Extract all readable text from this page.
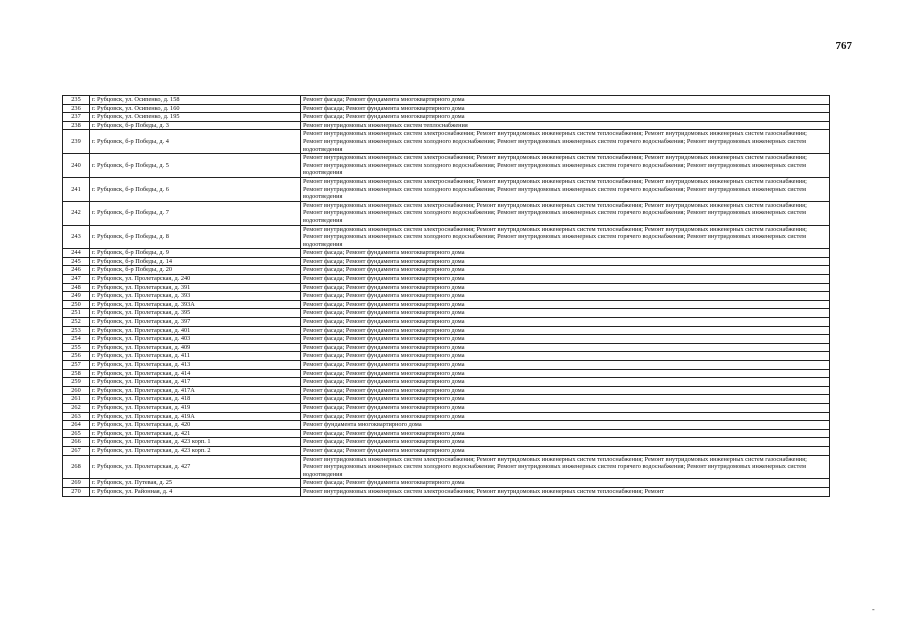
767
235	г. Рубцовск, ул. Осипенко, д. 158	Ремонт фасада; Ремонт фундамента многоквартирного дома
236	г. Рубцовск, ул. Осипенко, д. 160	Ремонт фасада; Ремонт фундамента многоквартирного дома
237	г. Рубцовск, ул. Осипенко, д. 195	Ремонт фасада; Ремонт фундамента многоквартирного дома
238	г. Рубцовск, б-р Победы, д. 3	Ремонт внутридомовых инженерных систем теплоснабжения
239	г. Рубцовск, б-р Победы, д. 4	Ремонт внутридомовых инженерных систем электроснабжения; Ремонт внутридомовых инженерных систем теплоснабжения; Ремонт внутридомовых инженерных систем газоснабжения; Ремонт внутридомовых инженерных систем холодного водоснабжения; Ремонт внутридомовых инженерных систем горячего водоснабжения; Ремонт внутридомовых инженерных систем водоотведения
240	г. Рубцовск, б-р Победы, д. 5	Ремонт внутридомовых инженерных систем электроснабжения; Ремонт внутридомовых инженерных систем теплоснабжения; Ремонт внутридомовых инженерных систем газоснабжения; Ремонт внутридомовых инженерных систем холодного водоснабжения; Ремонт внутридомовых инженерных систем горячего водоснабжения; Ремонт внутридомовых инженерных систем водоотведения
241	г. Рубцовск, б-р Победы, д. 6	Ремонт внутридомовых инженерных систем электроснабжения; Ремонт внутридомовых инженерных систем теплоснабжения; Ремонт внутридомовых инженерных систем газоснабжения; Ремонт внутридомовых инженерных систем холодного водоснабжения; Ремонт внутридомовых инженерных систем горячего водоснабжения; Ремонт внутридомовых инженерных систем водоотведения
242	г. Рубцовск, б-р Победы, д. 7	Ремонт внутридомовых инженерных систем электроснабжения; Ремонт внутридомовых инженерных систем теплоснабжения; Ремонт внутридомовых инженерных систем газоснабжения; Ремонт внутридомовых инженерных систем холодного водоснабжения; Ремонт внутридомовых инженерных систем горячего водоснабжения; Ремонт внутридомовых инженерных систем водоотведения
243	г. Рубцовск, б-р Победы, д. 8	Ремонт внутридомовых инженерных систем электроснабжения; Ремонт внутридомовых инженерных систем теплоснабжения; Ремонт внутридомовых инженерных систем газоснабжения; Ремонт внутридомовых инженерных систем холодного водоснабжения; Ремонт внутридомовых инженерных систем горячего водоснабжения; Ремонт внутридомовых инженерных систем водоотведения
244	г. Рубцовск, б-р Победы, д. 9	Ремонт фасада; Ремонт фундамента многоквартирного дома
245	г. Рубцовск, б-р Победы, д. 14	Ремонт фасада; Ремонт фундамента многоквартирного дома
246	г. Рубцовск, б-р Победы, д. 20	Ремонт фасада; Ремонт фундамента многоквартирного дома
247	г. Рубцовск, ул. Пролетарская, д. 240	Ремонт фасада; Ремонт фундамента многоквартирного дома
248	г. Рубцовск, ул. Пролетарская, д. 391	Ремонт фасада; Ремонт фундамента многоквартирного дома
249	г. Рубцовск, ул. Пролетарская, д. 393	Ремонт фасада; Ремонт фундамента многоквартирного дома
250	г. Рубцовск, ул. Пролетарская, д. 393А	Ремонт фасада; Ремонт фундамента многоквартирного дома
251	г. Рубцовск, ул. Пролетарская, д. 395	Ремонт фасада; Ремонт фундамента многоквартирного дома
252	г. Рубцовск, ул. Пролетарская, д. 397	Ремонт фасада; Ремонт фундамента многоквартирного дома
253	г. Рубцовск, ул. Пролетарская, д. 401	Ремонт фасада; Ремонт фундамента многоквартирного дома
254	г. Рубцовск, ул. Пролетарская, д. 403	Ремонт фасада; Ремонт фундамента многоквартирного дома
255	г. Рубцовск, ул. Пролетарская, д. 409	Ремонт фасада; Ремонт фундамента многоквартирного дома
256	г. Рубцовск, ул. Пролетарская, д. 411	Ремонт фасада; Ремонт фундамента многоквартирного дома
257	г. Рубцовск, ул. Пролетарская, д. 413	Ремонт фасада; Ремонт фундамента многоквартирного дома
258	г. Рубцовск, ул. Пролетарская, д. 414	Ремонт фасада; Ремонт фундамента многоквартирного дома
259	г. Рубцовск, ул. Пролетарская, д. 417	Ремонт фасада; Ремонт фундамента многоквартирного дома
260	г. Рубцовск, ул. Пролетарская, д. 417А	Ремонт фасада; Ремонт фундамента многоквартирного дома
261	г. Рубцовск, ул. Пролетарская, д. 418	Ремонт фасада; Ремонт фундамента многоквартирного дома
262	г. Рубцовск, ул. Пролетарская, д. 419	Ремонт фасада; Ремонт фундамента многоквартирного дома
263	г. Рубцовск, ул. Пролетарская, д. 419А	Ремонт фасада; Ремонт фундамента многоквартирного дома
264	г. Рубцовск, ул. Пролетарская, д. 420	Ремонт фундамента многоквартирного дома
265	г. Рубцовск, ул. Пролетарская, д. 421	Ремонт фасада; Ремонт фундамента многоквартирного дома
266	г. Рубцовск, ул. Пролетарская, д. 423 корп. 1	Ремонт фасада; Ремонт фундамента многоквартирного дома
267	г. Рубцовск, ул. Пролетарская, д. 423 корп. 2	Ремонт фасада; Ремонт фундамента многоквартирного дома
268	г. Рубцовск, ул. Пролетарская, д. 427	Ремонт внутридомовых инженерных систем электроснабжения; Ремонт внутридомовых инженерных систем теплоснабжения; Ремонт внутридомовых инженерных систем газоснабжения; Ремонт внутридомовых инженерных систем холодного водоснабжения; Ремонт внутридомовых инженерных систем горячего водоснабжения; Ремонт внутридомовых инженерных систем водоотведения
269	г. Рубцовск, ул. Путевая, д. 25	Ремонт фасада; Ремонт фундамента многоквартирного дома
270	г. Рубцовск, ул. Районная, д. 4	Ремонт внутридомовых инженерных систем электроснабжения; Ремонт внутридомовых инженерных систем теплоснабжения; Ремонт
-
